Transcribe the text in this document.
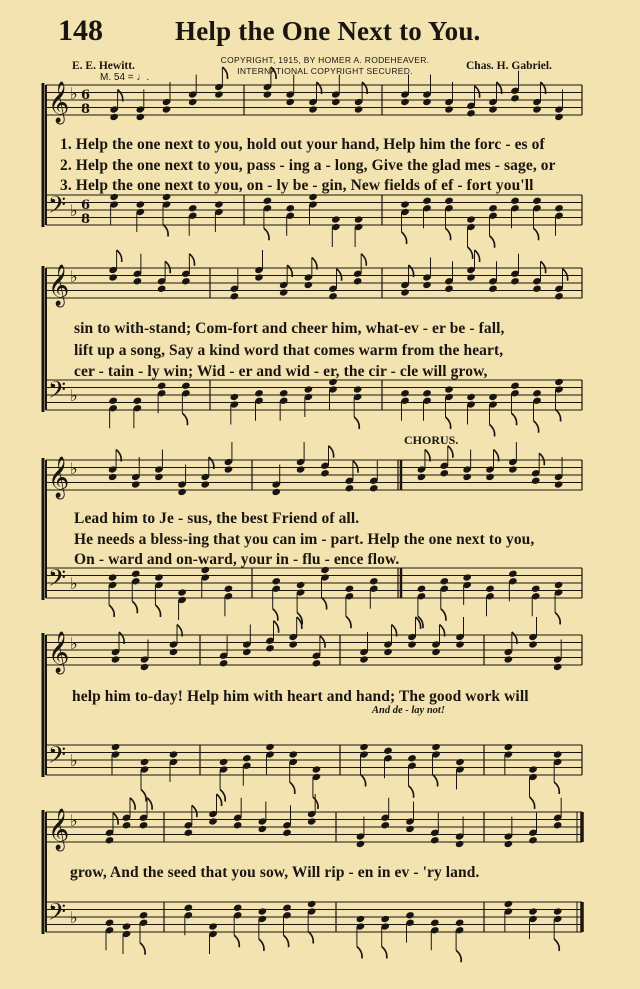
148	Help the One Next to You.
COPYRIGHT, 1915, BY HOMER A. RODEHEAVER.
INTERNATIONAL COPYRIGHT SECURED.
E. E. Hewitt.	Chas. H. Gabriel.
M. 54 = ♩.
𝄞 ♭ 6
8
𝄢 ♭ 6
8
𝄞 ♭
𝄢 ♭
𝄞 ♭
𝄢 ♭
𝄞 ♭
𝄢 ♭
𝄞 ♭
𝄢 ♭
1. Help the one next to you, hold out your hand, Help him the forc - es of
2. Help the one next to you, pass - ing a - long, Give the glad mes - sage, or
3. Help the one next to you, on - ly be - gin, New fields of ef - fort you'll
sin to with-stand; Com-fort and cheer him, what-ev - er be - fall,
lift up a song, Say a kind word that comes warm from the heart,
cer - tain - ly win; Wid - er and wid - er, the cir - cle will grow,
CHORUS.
Lead him to Je - sus, the best Friend of all.
He needs a bless-ing that you can im - part. Help the one next to you,
On - ward and on-ward, your in - flu - ence flow.
help him to-day! Help him with heart and hand; The good work will
And de - lay not!
grow, And the seed that you sow, Will rip - en in ev - 'ry land.
